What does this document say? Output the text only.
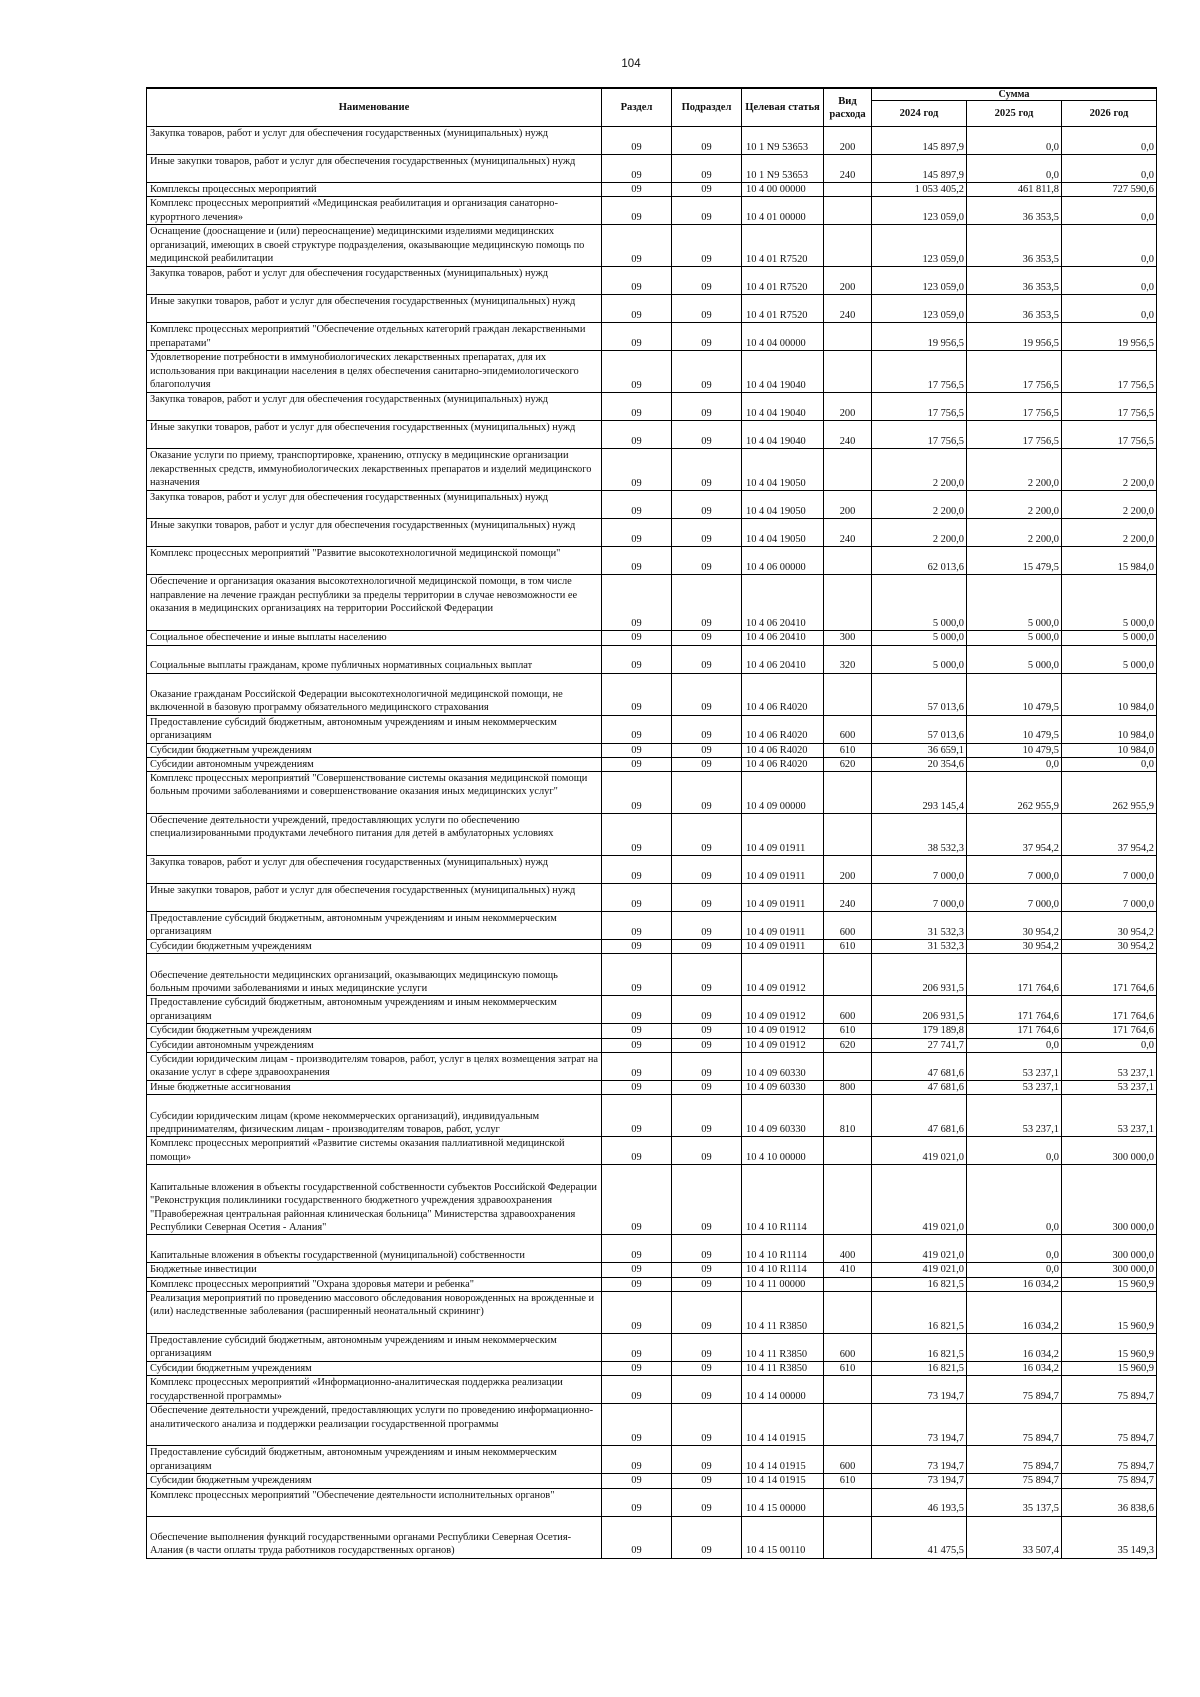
104
Наименование	Раздел	Подраздел	Целевая статья	Вид расхода	Сумма		
					2024 год	2025 год	2026 год
Закупка товаров, работ и услуг для обеспечения государственных (муниципальных) нужд	09	09	10 1 N9 53653	200	145 897,9	0,0	0,0
Иные закупки товаров, работ и услуг для обеспечения государственных (муниципальных) нужд	09	09	10 1 N9 53653	240	145 897,9	0,0	0,0
Комплексы процессных мероприятий	09	09	10 4 00 00000		1 053 405,2	461 811,8	727 590,6
Комплекс процессных мероприятий «Медицинская реабилитация и организация санаторно-курортного лечения»	09	09	10 4 01 00000		123 059,0	36 353,5	0,0
Оснащение (дооснащение и (или) переоснащение) медицинскими изделиями медицинских организаций, имеющих в своей структуре подразделения, оказывающие медицинскую помощь по медицинской реабилитации	09	09	10 4 01 R7520		123 059,0	36 353,5	0,0
Закупка товаров, работ и услуг для обеспечения государственных (муниципальных) нужд	09	09	10 4 01 R7520	200	123 059,0	36 353,5	0,0
Иные закупки товаров, работ и услуг для обеспечения государственных (муниципальных) нужд	09	09	10 4 01 R7520	240	123 059,0	36 353,5	0,0
Комплекс процессных мероприятий "Обеспечение отдельных категорий граждан лекарственными препаратами"	09	09	10 4 04 00000		19 956,5	19 956,5	19 956,5
Удовлетворение потребности в иммунобиологических лекарственных препаратах, для их использования при вакцинации населения в целях обеспечения санитарно-эпидемиологического благополучия	09	09	10 4 04 19040		17 756,5	17 756,5	17 756,5
Закупка товаров, работ и услуг для обеспечения государственных (муниципальных) нужд	09	09	10 4 04 19040	200	17 756,5	17 756,5	17 756,5
Иные закупки товаров, работ и услуг для обеспечения государственных (муниципальных) нужд	09	09	10 4 04 19040	240	17 756,5	17 756,5	17 756,5
Оказание услуги по приему, транспортировке, хранению, отпуску в медицинские организации лекарственных средств, иммунобиологических лекарственных препаратов и изделий медицинского назначения	09	09	10 4 04 19050		2 200,0	2 200,0	2 200,0
Закупка товаров, работ и услуг для обеспечения государственных (муниципальных) нужд	09	09	10 4 04 19050	200	2 200,0	2 200,0	2 200,0
Иные закупки товаров, работ и услуг для обеспечения государственных (муниципальных) нужд	09	09	10 4 04 19050	240	2 200,0	2 200,0	2 200,0
Комплекс процессных мероприятий "Развитие высокотехнологичной медицинской помощи"	09	09	10 4 06 00000		62 013,6	15 479,5	15 984,0
Обеспечение и организация оказания высокотехнологичной медицинской помощи, в том числе направление на лечение граждан республики за пределы территории в случае невозможности ее оказания в медицинских организациях на территории Российской Федерации	09	09	10 4 06 20410		5 000,0	5 000,0	5 000,0
Социальное обеспечение и иные выплаты населению	09	09	10 4 06 20410	300	5 000,0	5 000,0	5 000,0
Социальные выплаты гражданам, кроме публичных нормативных социальных выплат	09	09	10 4 06 20410	320	5 000,0	5 000,0	5 000,0
Оказание гражданам Российской Федерации высокотехнологичной медицинской помощи, не включенной в базовую программу обязательного медицинского страхования	09	09	10 4 06 R4020		57 013,6	10 479,5	10 984,0
Предоставление субсидий бюджетным, автономным учреждениям и иным некоммерческим организациям	09	09	10 4 06 R4020	600	57 013,6	10 479,5	10 984,0
Субсидии бюджетным учреждениям	09	09	10 4 06 R4020	610	36 659,1	10 479,5	10 984,0
Субсидии автономным учреждениям	09	09	10 4 06 R4020	620	20 354,6	0,0	0,0
Комплекс процессных мероприятий "Совершенствование системы оказания медицинской помощи больным прочими заболеваниями и совершенствование оказания иных медицинских услуг"	09	09	10 4 09 00000		293 145,4	262 955,9	262 955,9
Обеспечение деятельности учреждений, предоставляющих услуги по обеспечению специализированными продуктами лечебного питания для детей в амбулаторных условиях	09	09	10 4 09 01911		38 532,3	37 954,2	37 954,2
Закупка товаров, работ и услуг для обеспечения государственных (муниципальных) нужд	09	09	10 4 09 01911	200	7 000,0	7 000,0	7 000,0
Иные закупки товаров, работ и услуг для обеспечения государственных (муниципальных) нужд	09	09	10 4 09 01911	240	7 000,0	7 000,0	7 000,0
Предоставление субсидий бюджетным, автономным учреждениям и иным некоммерческим организациям	09	09	10 4 09 01911	600	31 532,3	30 954,2	30 954,2
Субсидии бюджетным учреждениям	09	09	10 4 09 01911	610	31 532,3	30 954,2	30 954,2
Обеспечение деятельности медицинских организаций, оказывающих медицинскую помощь больным прочими заболеваниями и иных медицинские услуги	09	09	10 4 09 01912		206 931,5	171 764,6	171 764,6
Предоставление субсидий бюджетным, автономным учреждениям и иным некоммерческим организациям	09	09	10 4 09 01912	600	206 931,5	171 764,6	171 764,6
Субсидии бюджетным учреждениям	09	09	10 4 09 01912	610	179 189,8	171 764,6	171 764,6
Субсидии автономным учреждениям	09	09	10 4 09 01912	620	27 741,7	0,0	0,0
Субсидии юридическим лицам - производителям товаров, работ, услуг в целях возмещения затрат на оказание услуг в сфере здравоохранения	09	09	10 4 09 60330		47 681,6	53 237,1	53 237,1
Иные бюджетные ассигнования	09	09	10 4 09 60330	800	47 681,6	53 237,1	53 237,1
Субсидии юридическим лицам (кроме некоммерческих организаций), индивидуальным предпринимателям, физическим лицам - производителям товаров, работ, услуг	09	09	10 4 09 60330	810	47 681,6	53 237,1	53 237,1
Комплекс процессных мероприятий «Развитие системы оказания паллиативной медицинской помощи»	09	09	10 4 10 00000		419 021,0	0,0	300 000,0
Капитальные вложения в объекты государственной собственности субъектов Российской Федерации "Реконструкция поликлиники государственного бюджетного учреждения здравоохранения "Правобережная центральная районная клиническая больница" Министерства здравоохранения Республики Северная Осетия - Алания"	09	09	10 4 10 R1114		419 021,0	0,0	300 000,0
Капитальные вложения в объекты государственной (муниципальной) собственности	09	09	10 4 10 R1114	400	419 021,0	0,0	300 000,0
Бюджетные инвестиции	09	09	10 4 10 R1114	410	419 021,0	0,0	300 000,0
Комплекс процессных мероприятий "Охрана здоровья матери и ребенка"	09	09	10 4 11 00000		16 821,5	16 034,2	15 960,9
Реализация мероприятий по проведению массового обследования новорожденных на врожденные и (или) наследственные заболевания (расширенный неонатальный скрининг)	09	09	10 4 11 R3850		16 821,5	16 034,2	15 960,9
Предоставление субсидий бюджетным, автономным учреждениям и иным некоммерческим организациям	09	09	10 4 11 R3850	600	16 821,5	16 034,2	15 960,9
Субсидии бюджетным учреждениям	09	09	10 4 11 R3850	610	16 821,5	16 034,2	15 960,9
Комплекс процессных мероприятий «Информационно-аналитическая поддержка реализации государственной программы»	09	09	10 4 14 00000		73 194,7	75 894,7	75 894,7
Обеспечение деятельности учреждений, предоставляющих услуги по проведению информационно-аналитического анализа и поддержки реализации государственной программы	09	09	10 4 14 01915		73 194,7	75 894,7	75 894,7
Предоставление субсидий бюджетным, автономным учреждениям и иным некоммерческим организациям	09	09	10 4 14 01915	600	73 194,7	75 894,7	75 894,7
Субсидии бюджетным учреждениям	09	09	10 4 14 01915	610	73 194,7	75 894,7	75 894,7
Комплекс процессных мероприятий "Обеспечение деятельности исполнительных органов"	09	09	10 4 15 00000		46 193,5	35 137,5	36 838,6
Обеспечение выполнения функций государственными органами Республики Северная Осетия-Алания (в части оплаты труда работников государственных органов)	09	09	10 4 15 00110		41 475,5	33 507,4	35 149,3
